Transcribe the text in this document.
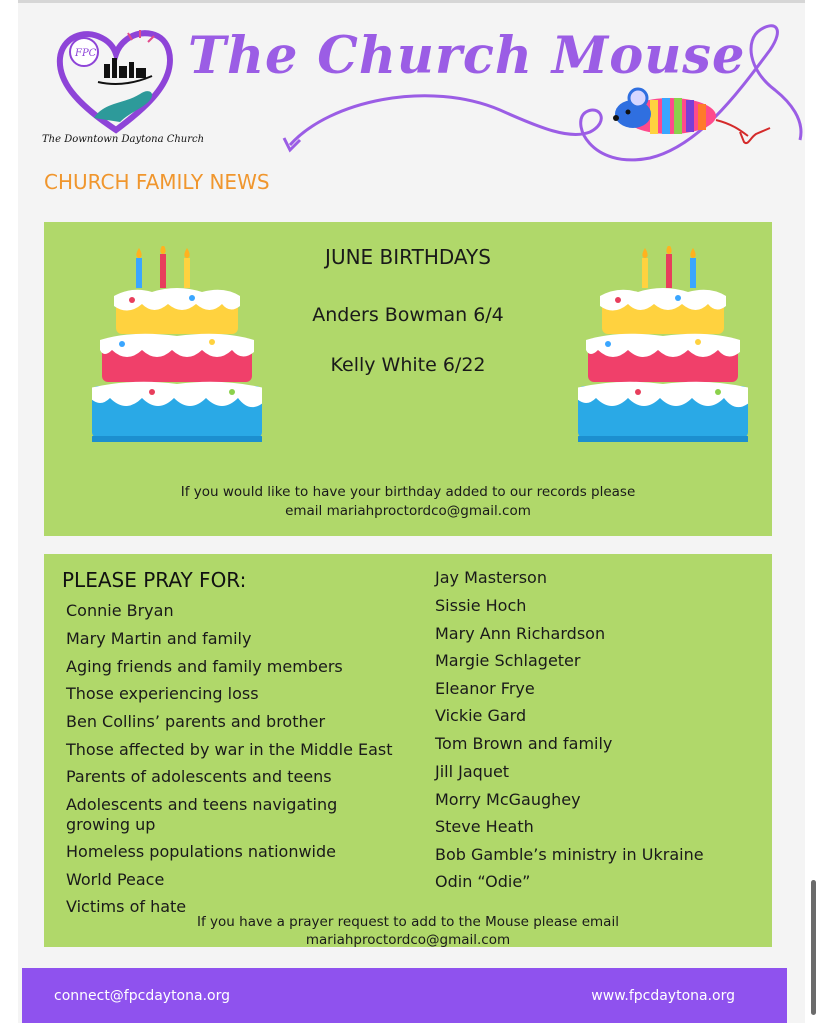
FPC
The Downtown Daytona Church
The Church Mouse
CHURCH FAMILY NEWS
JUNE BIRTHDAYS
Anders Bowman 6/4
Kelly White 6/22
If you would like to have your birthday added to our records please
email mariahproctordco@gmail.com
PLEASE PRAY FOR:
Connie Bryan
Mary Martin and family
Aging friends and family members
Those experiencing loss
Ben Collins’ parents and brother
Those affected by war in the Middle East
Parents of adolescents and teens
Adolescents and teens navigating
growing up
Homeless populations nationwide
World Peace
Victims of hate
Jay Masterson
Sissie Hoch
Mary Ann Richardson
Margie Schlageter
Eleanor Frye
Vickie Gard
Tom Brown and family
Jill Jaquet
Morry McGaughey
Steve Heath
Bob Gamble’s ministry in Ukraine
Odin “Odie”
If you have a prayer request to add to the Mouse please email
mariahproctordco@gmail.com
connect@fpcdaytona.org	www.fpcdaytona.org
